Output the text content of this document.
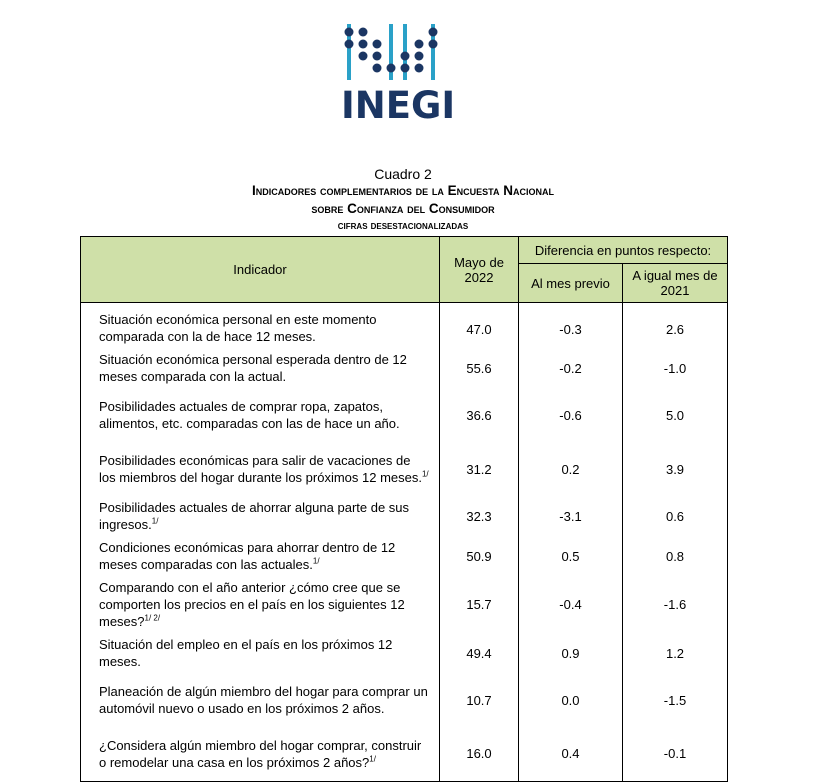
INEGI
Cuadro 2
Indicadores complementarios de la Encuesta Nacional
sobre Confianza del Consumidor
cifras desestacionalizadas
Indicador	Mayo de 2022	Diferencia en puntos respecto:	
		Al mes previo	A igual mes de 2021
Situación económica personal en este momento comparada con la de hace 12 meses.	47.0	-0.3	2.6
Situación económica personal esperada dentro de 12 meses comparada con la actual.	55.6	-0.2	-1.0
Posibilidades actuales de comprar ropa, zapatos, alimentos, etc. comparadas con las de hace un año.	36.6	-0.6	5.0
Posibilidades económicas para salir de vacaciones de los miembros del hogar durante los próximos 12 meses.$^{1/}$	31.2	0.2	3.9
Posibilidades actuales de ahorrar alguna parte de sus ingresos.$^{1/}$	32.3	-3.1	0.6
Condiciones económicas para ahorrar dentro de 12 meses comparadas con las actuales.$^{1/}$	50.9	0.5	0.8
Comparando con el año anterior ¿cómo cree que se comporten los precios en el país en los siguientes 12 meses?$^{1/ 2/}$	15.7	-0.4	-1.6
Situación del empleo en el país en los próximos 12 meses.	49.4	0.9	1.2
Planeación de algún miembro del hogar para comprar un automóvil nuevo o usado en los próximos 2 años.	10.7	0.0	-1.5
¿Considera algún miembro del hogar comprar, construir o remodelar una casa en los próximos 2 años?$^{1/}$	16.0	0.4	-0.1
